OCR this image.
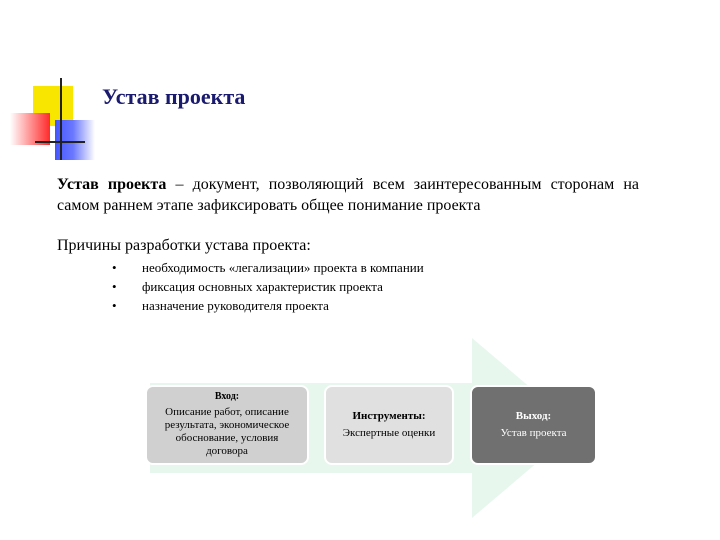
Устав проекта

Устав проекта – документ, позволяющий всем заинтересованным сторонам на самом раннем этапе зафиксировать общее понимание проекта

Причины разработки устава проекта:

•	необходимость «легализации» проекта в компании
•	фиксация основных характеристик проекта
•	назначение руководителя проекта
Вход:
Описание работ, описание результата, экономическое обоснование, условия договора
Инструменты:
Экспертные оценки
Выход:
Устав проекта
